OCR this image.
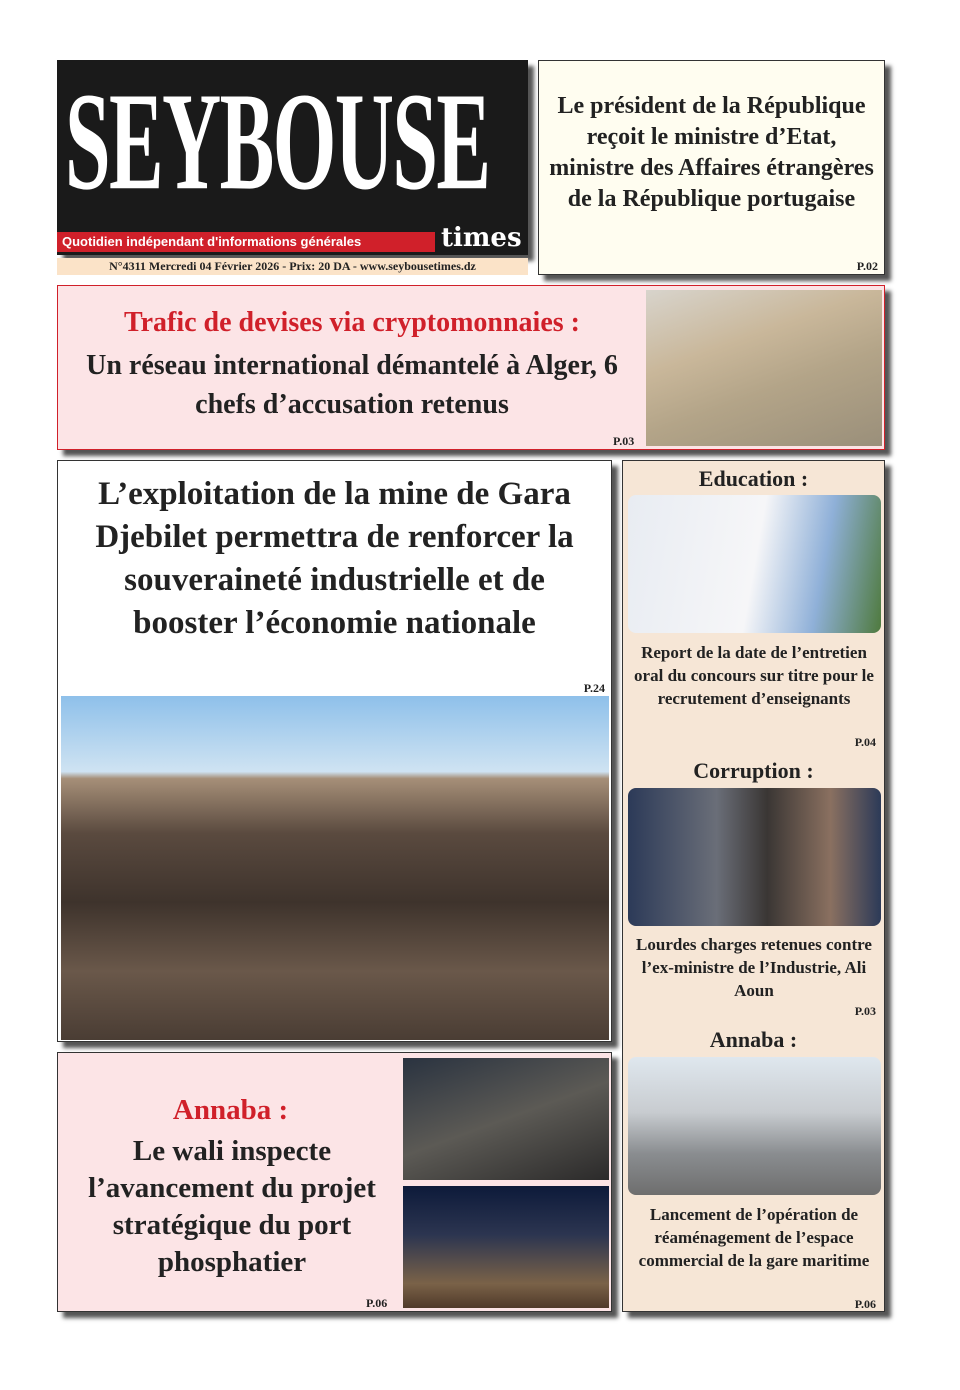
SEYBOUSE
Quotidien indépendant d'informations générales	times
N°4311 Mercredi 04 Février 2026 - Prix: 20 DA - www.seybousetimes.dz
Le président de la République reçoit le ministre d’Etat, ministre des Affaires étrangères de la République portugaise
P.02
Trafic de devises via cryptomonnaies :
Un réseau international démantelé à Alger, 6 chefs d’accusation retenus
P.03
L’exploitation de la mine de Gara Djebilet permettra de renforcer la souveraineté industrielle et de booster l’économie nationale
P.24
Annaba :
Le wali inspecte l’avancement du projet stratégique du port phosphatier
P.06
Education :
Report de la date de l’entretien oral du concours sur titre pour le recrutement d’enseignants
P.04
Corruption :
Lourdes charges retenues contre l’ex-ministre de l’Industrie, Ali Aoun
P.03
Annaba :
Lancement de l’opération de réaménagement de l’espace commercial de la gare maritime
P.06
